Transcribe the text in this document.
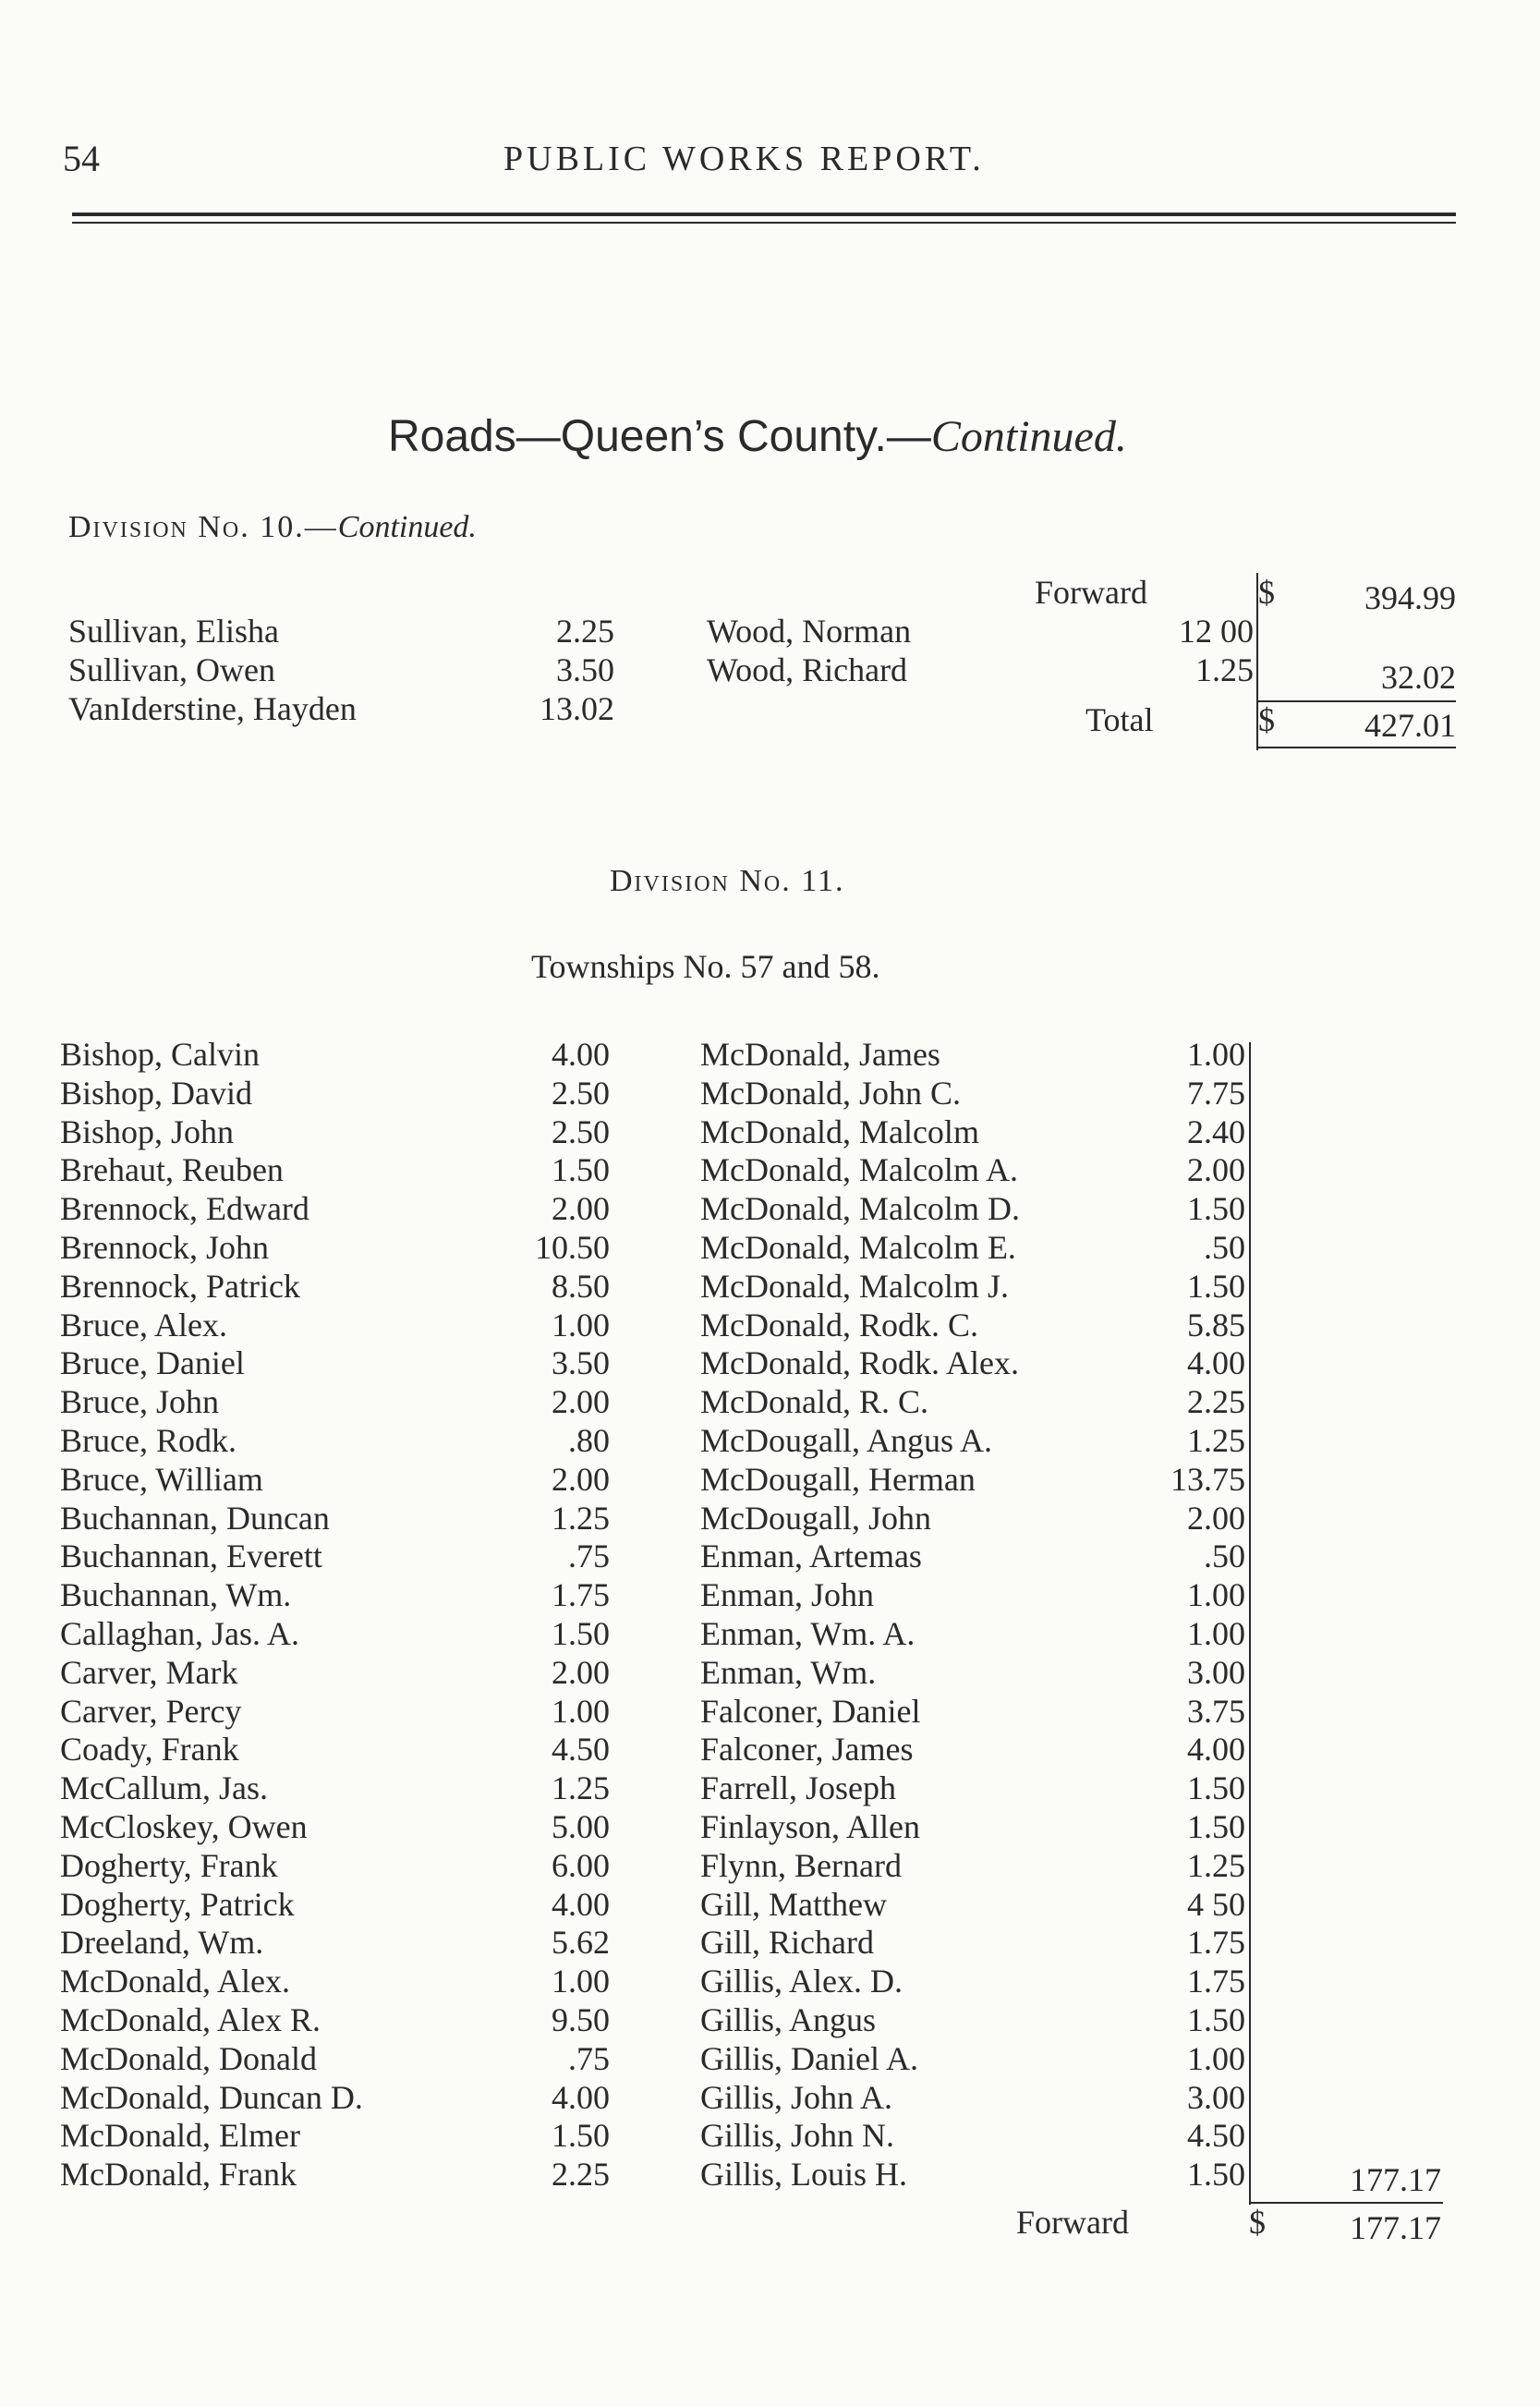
54	PUBLIC WORKS REPORT.
Roads—Queen’s County.—Continued.
Division No. 10.—Continued.
Forward	$	394.99
Sullivan, Elisha	2.25
Sullivan, Owen	3.50
VanIderstine, Hayden	13.02
Wood, Norman	12 00
Wood, Richard	1.25	32.02
Total	$	427.01
Division No. 11.
Townships No. 57 and 58.
Bishop, Calvin	4.00
Bishop, David	2.50
Bishop, John	2.50
Brehaut, Reuben	1.50
Brennock, Edward	2.00
Brennock, John	10.50
Brennock, Patrick	8.50
Bruce, Alex.	1.00
Bruce, Daniel	3.50
Bruce, John	2.00
Bruce, Rodk.	.80
Bruce, William	2.00
Buchannan, Duncan	1.25
Buchannan, Everett	.75
Buchannan, Wm.	1.75
Callaghan, Jas. A.	1.50
Carver, Mark	2.00
Carver, Percy	1.00
Coady, Frank	4.50
McCallum, Jas.	1.25
McCloskey, Owen	5.00
Dogherty, Frank	6.00
Dogherty, Patrick	4.00
Dreeland, Wm.	5.62
McDonald, Alex.	1.00
McDonald, Alex R.	9.50
McDonald, Donald	.75
McDonald, Duncan D.	4.00
McDonald, Elmer	1.50
McDonald, Frank	2.25
McDonald, James	1.00
McDonald, John C.	7.75
McDonald, Malcolm	2.40
McDonald, Malcolm A.	2.00
McDonald, Malcolm D.	1.50
McDonald, Malcolm E.	.50
McDonald, Malcolm J.	1.50
McDonald, Rodk. C.	5.85
McDonald, Rodk. Alex.	4.00
McDonald, R. C.	2.25
McDougall, Angus A.	1.25
McDougall, Herman	13.75
McDougall, John	2.00
Enman, Artemas	.50
Enman, John	1.00
Enman, Wm. A.	1.00
Enman, Wm.	3.00
Falconer, Daniel	3.75
Falconer, James	4.00
Farrell, Joseph	1.50
Finlayson, Allen	1.50
Flynn, Bernard	1.25
Gill, Matthew	4 50
Gill, Richard	1.75
Gillis, Alex. D.	1.75
Gillis, Angus	1.50
Gillis, Daniel A.	1.00
Gillis, John A.	3.00
Gillis, John N.	4.50
Gillis, Louis H.	1.50	177.17
Forward	$	177.17
